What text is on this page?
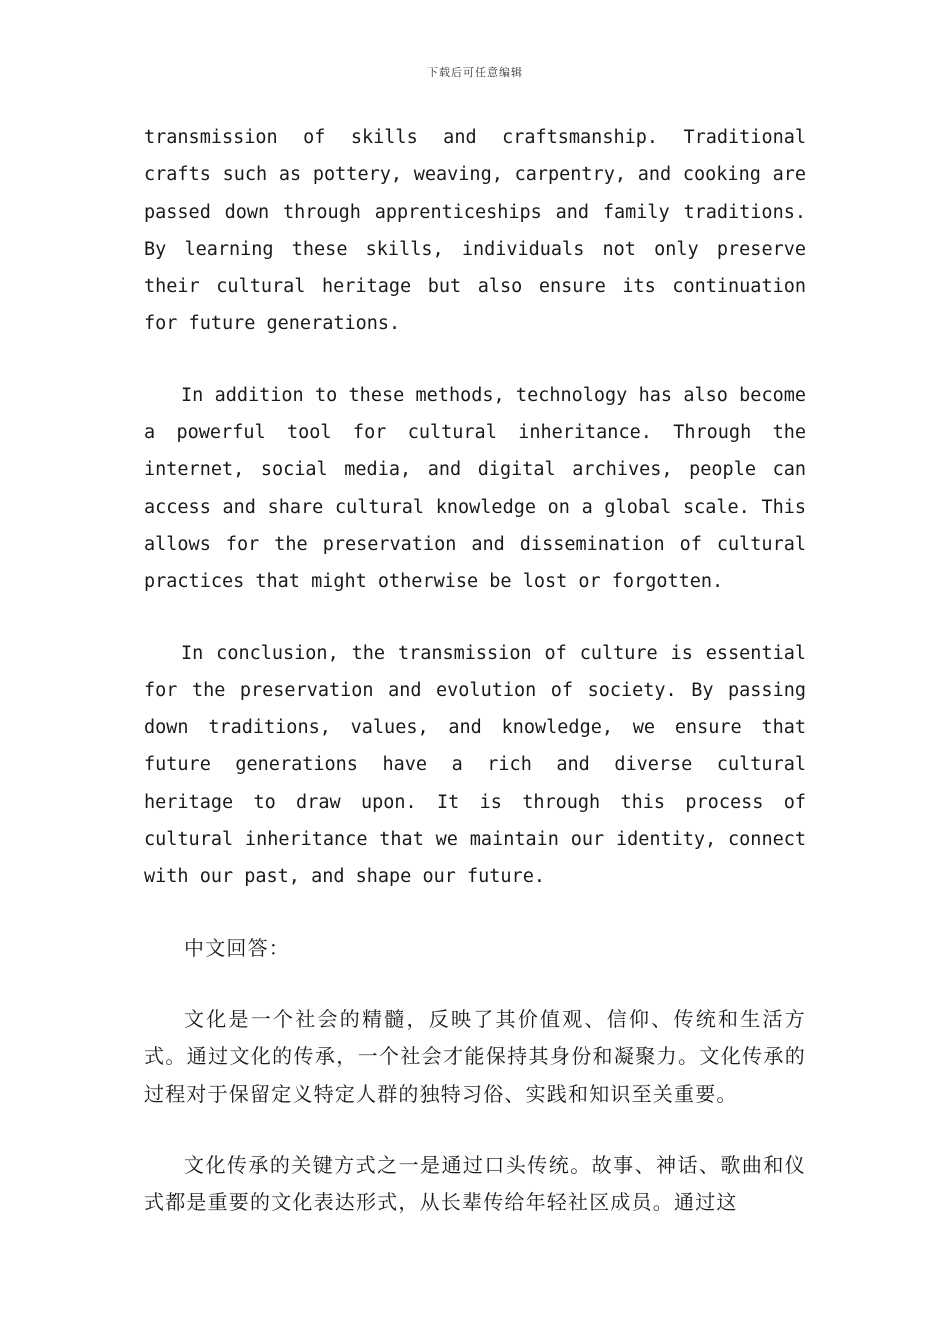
下载后可任意编辑

transmission of skills and craftsmanship. Traditional crafts such as pottery, weaving, carpentry, and cooking are passed down through apprenticeships and family traditions. By learning these skills, individuals not only preserve their cultural heritage but also ensure its continuation for future generations.

In addition to these methods, technology has also become a powerful tool for cultural inheritance. Through the internet, social media, and digital archives, people can access and share cultural knowledge on a global scale. This allows for the preservation and dissemination of cultural practices that might otherwise be lost or forgotten.

In conclusion, the transmission of culture is essential for the preservation and evolution of society. By passing down traditions, values, and knowledge, we ensure that future generations have a rich and diverse cultural heritage to draw upon. It is through this process of cultural inheritance that we maintain our identity, connect with our past, and shape our future.

中文回答：

文化是一个社会的精髓，反映了其价值观、信仰、传统和生活方式。通过文化的传承，一个社会才能保持其身份和凝聚力。文化传承的过程对于保留定义特定人群的独特习俗、实践和知识至关重要。

文化传承的关键方式之一是通过口头传统。故事、神话、歌曲和仪式都是重要的文化表达形式，从长辈传给年轻社区成员。通过这
